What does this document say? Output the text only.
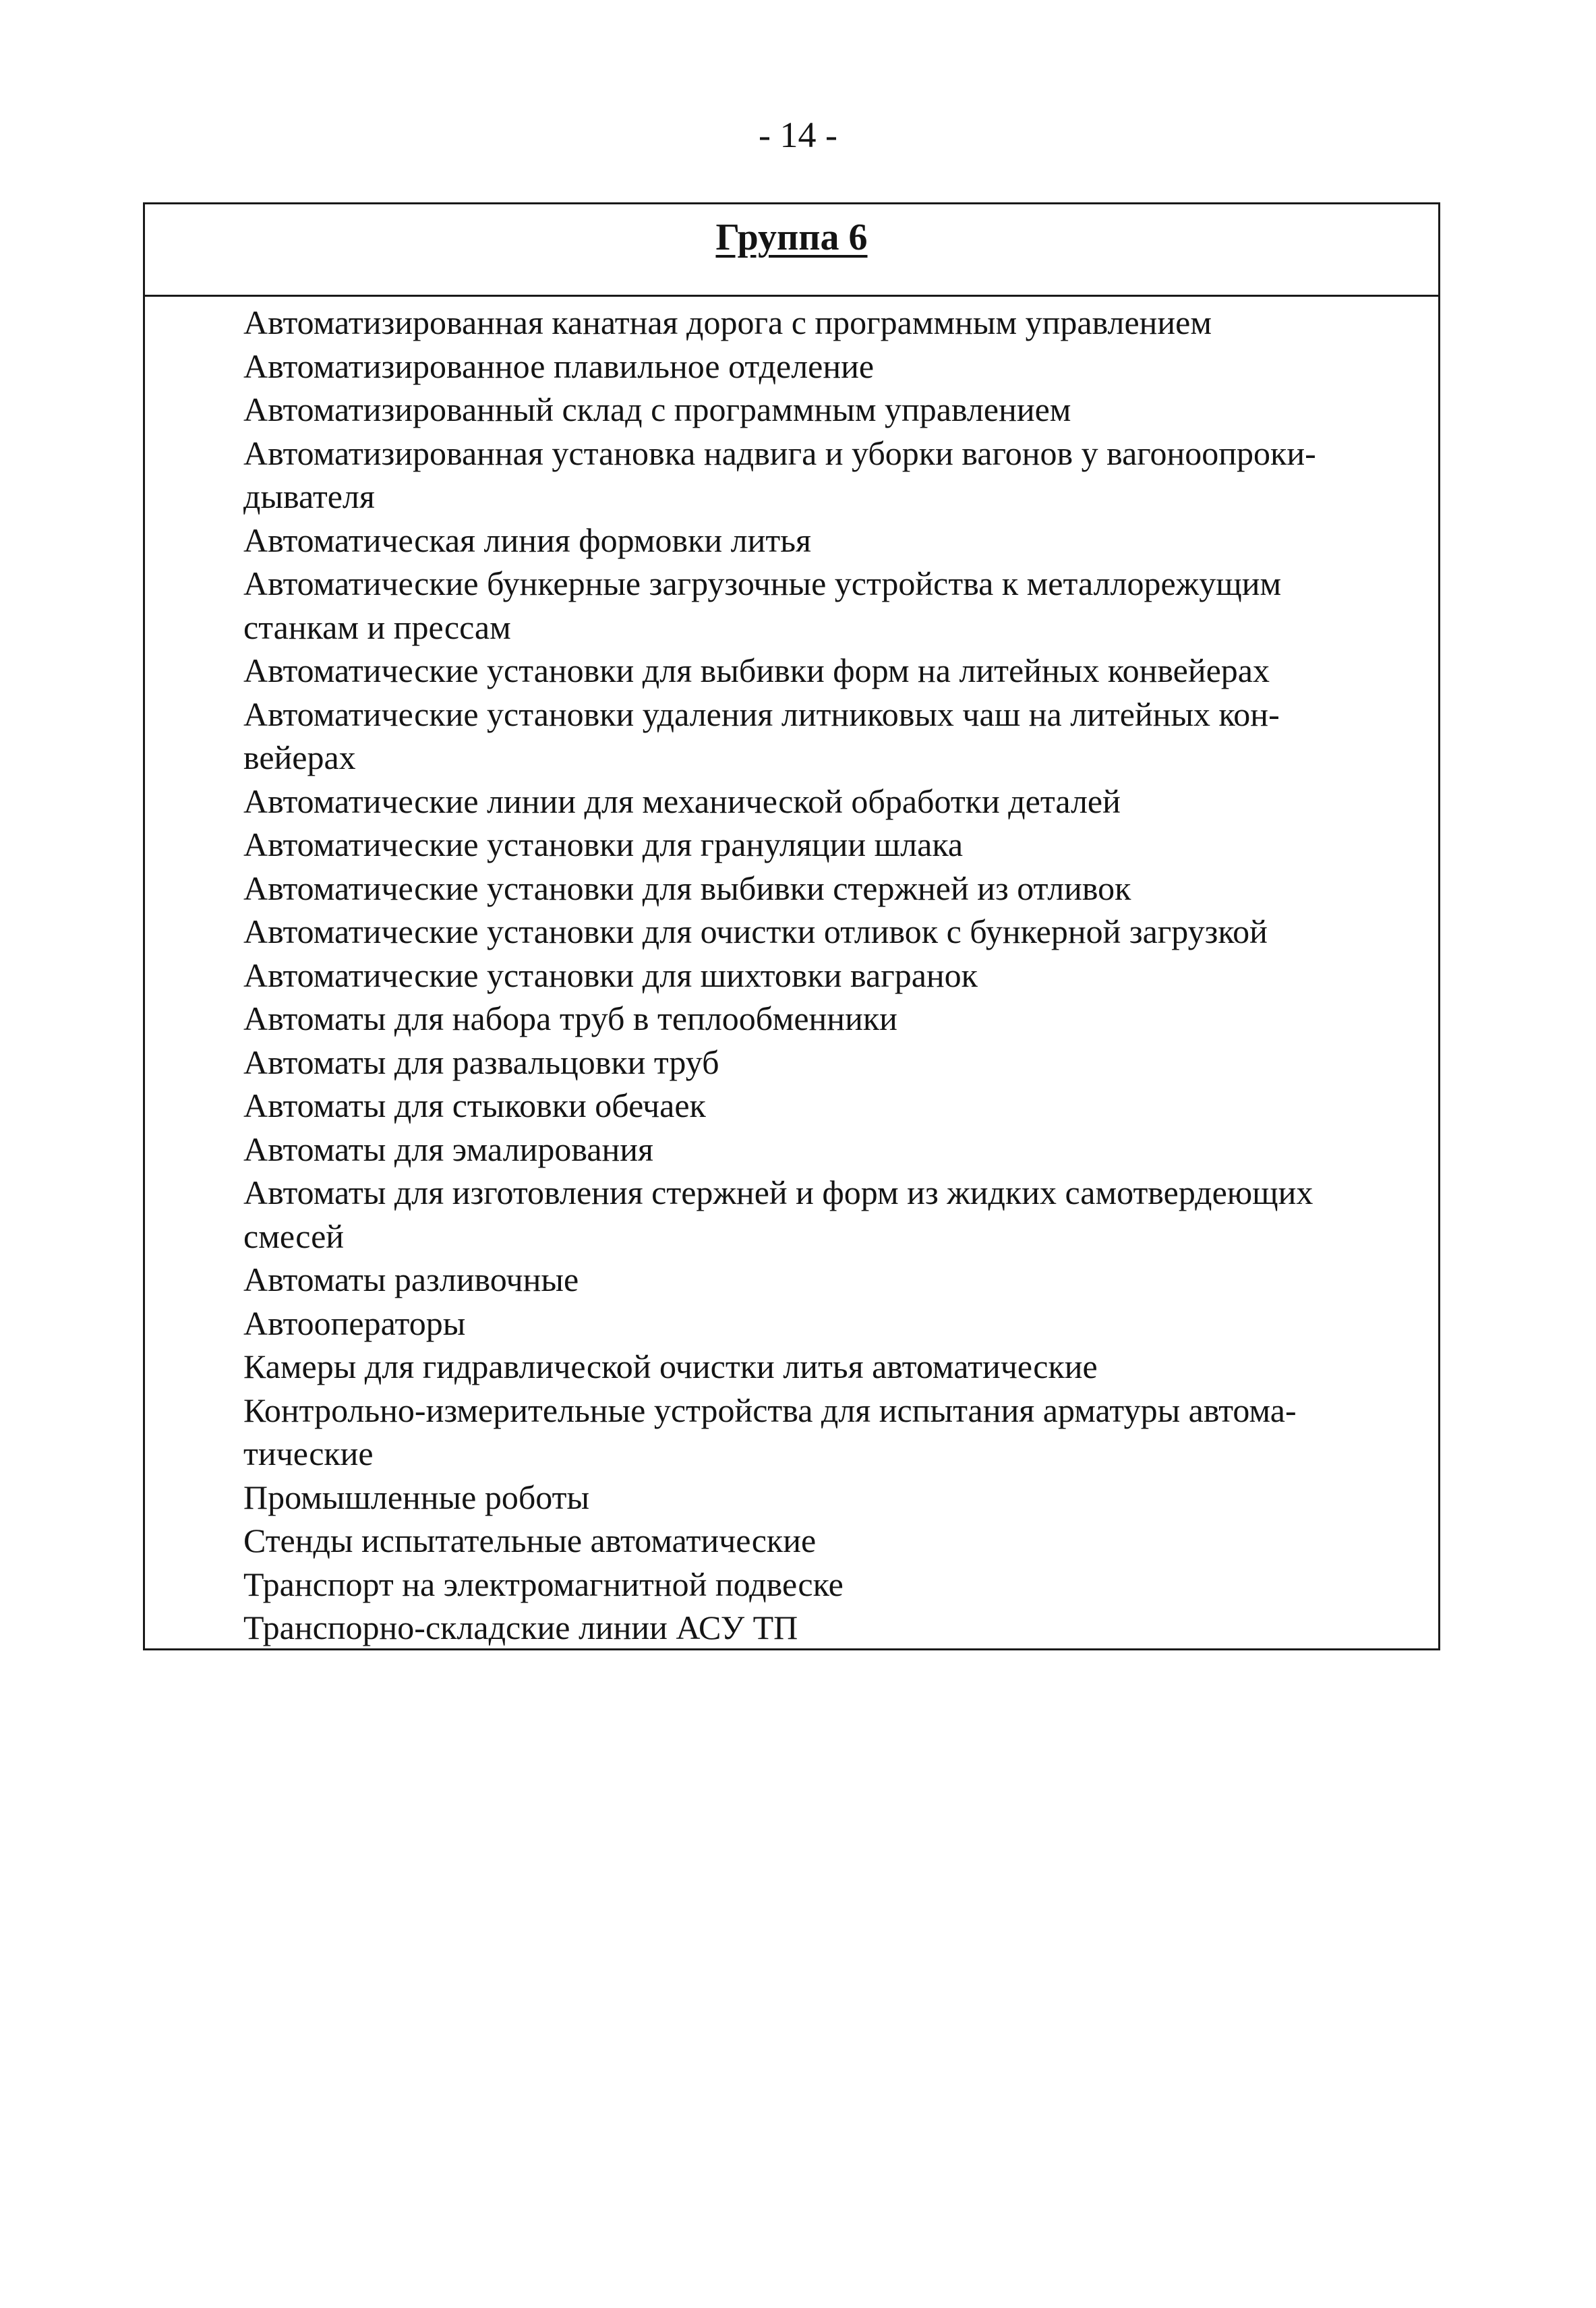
- 14 -
Группа 6
Автоматизированная канатная дорога с программным управлением
Автоматизированное плавильное отделение
Автоматизированный склад с программным управлением
Автоматизированная установка надвига и уборки вагонов у вагоноопроки-
дывателя
Автоматическая линия формовки литья
Автоматические бункерные загрузочные устройства к металлорежущим
станкам и прессам
Автоматические установки для выбивки форм на литейных конвейерах
Автоматические установки удаления литниковых чаш на литейных кон-
вейерах
Автоматические линии для механической обработки деталей
Автоматические установки для грануляции шлака
Автоматические установки для выбивки стержней из отливок
Автоматические установки для очистки отливок с бункерной загрузкой
Автоматические установки для шихтовки вагранок
Автоматы для набора труб в теплообменники
Автоматы для развальцовки труб
Автоматы для стыковки обечаек
Автоматы для эмалирования
Автоматы для изготовления стержней и форм из жидких самотвердеющих
смесей
Автоматы разливочные
Автооператоры
Камеры для гидравлической очистки литья автоматические
Контрольно-измерительные устройства для испытания арматуры автома-
тические
Промышленные роботы
Стенды испытательные автоматические
Транспорт на электромагнитной подвеске
Транспорно-складские линии АСУ ТП
